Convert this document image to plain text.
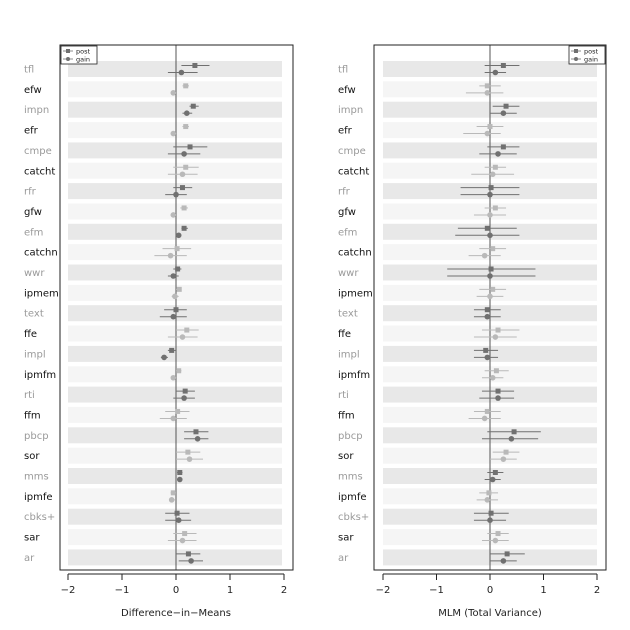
tfl
efw
impn
efr
cmpe
catcht
rfr
gfw
efm
catchn
wwr
ipmem
text
ffe
impl
ipmfm
rti
ffm
pbcp
sor
mms
ipmfe
cbks+
sar
ar
−2	−1	0	1	2
Difference−in−Means
post
gain
tfl
efw
impn
efr
cmpe
catcht
rfr
gfw
efm
catchn
wwr
ipmem
text
ffe
impl
ipmfm
rti
ffm
pbcp
sor
mms
ipmfe
cbks+
sar
ar
−2	−1	0	1	2
MLM (Total Variance)
post
gain
